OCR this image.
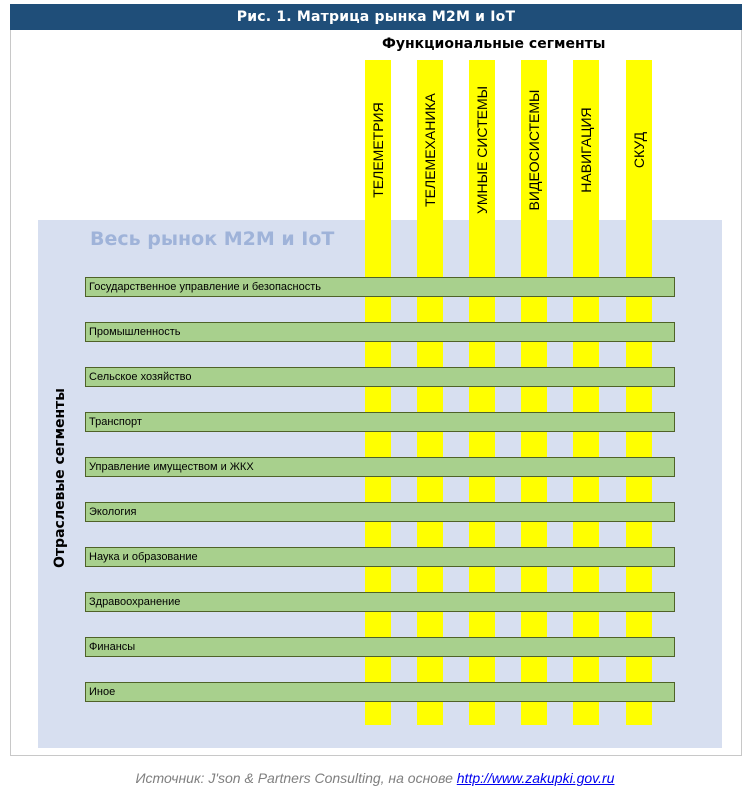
Рис. 1. Матрица рынка M2M и IoT
Весь рынок M2M и IoT
Функциональные сегменты
ТЕЛЕМЕТРИЯ	ТЕЛЕМЕХАНИКА	УМНЫЕ СИСТЕМЫ	ВИДЕОСИСТЕМЫ	НАВИГАЦИЯ	СКУД
Государственное управление и безопасность
Промышленность
Сельское хозяйство
Транспорт
Управление имуществом и ЖКХ
Экология
Наука и образование
Здравоохранение
Финансы
Иное
Отраслевые сегменты
Источник: J'son & Partners Consulting, на основе http://www.zakupki.gov.ru
